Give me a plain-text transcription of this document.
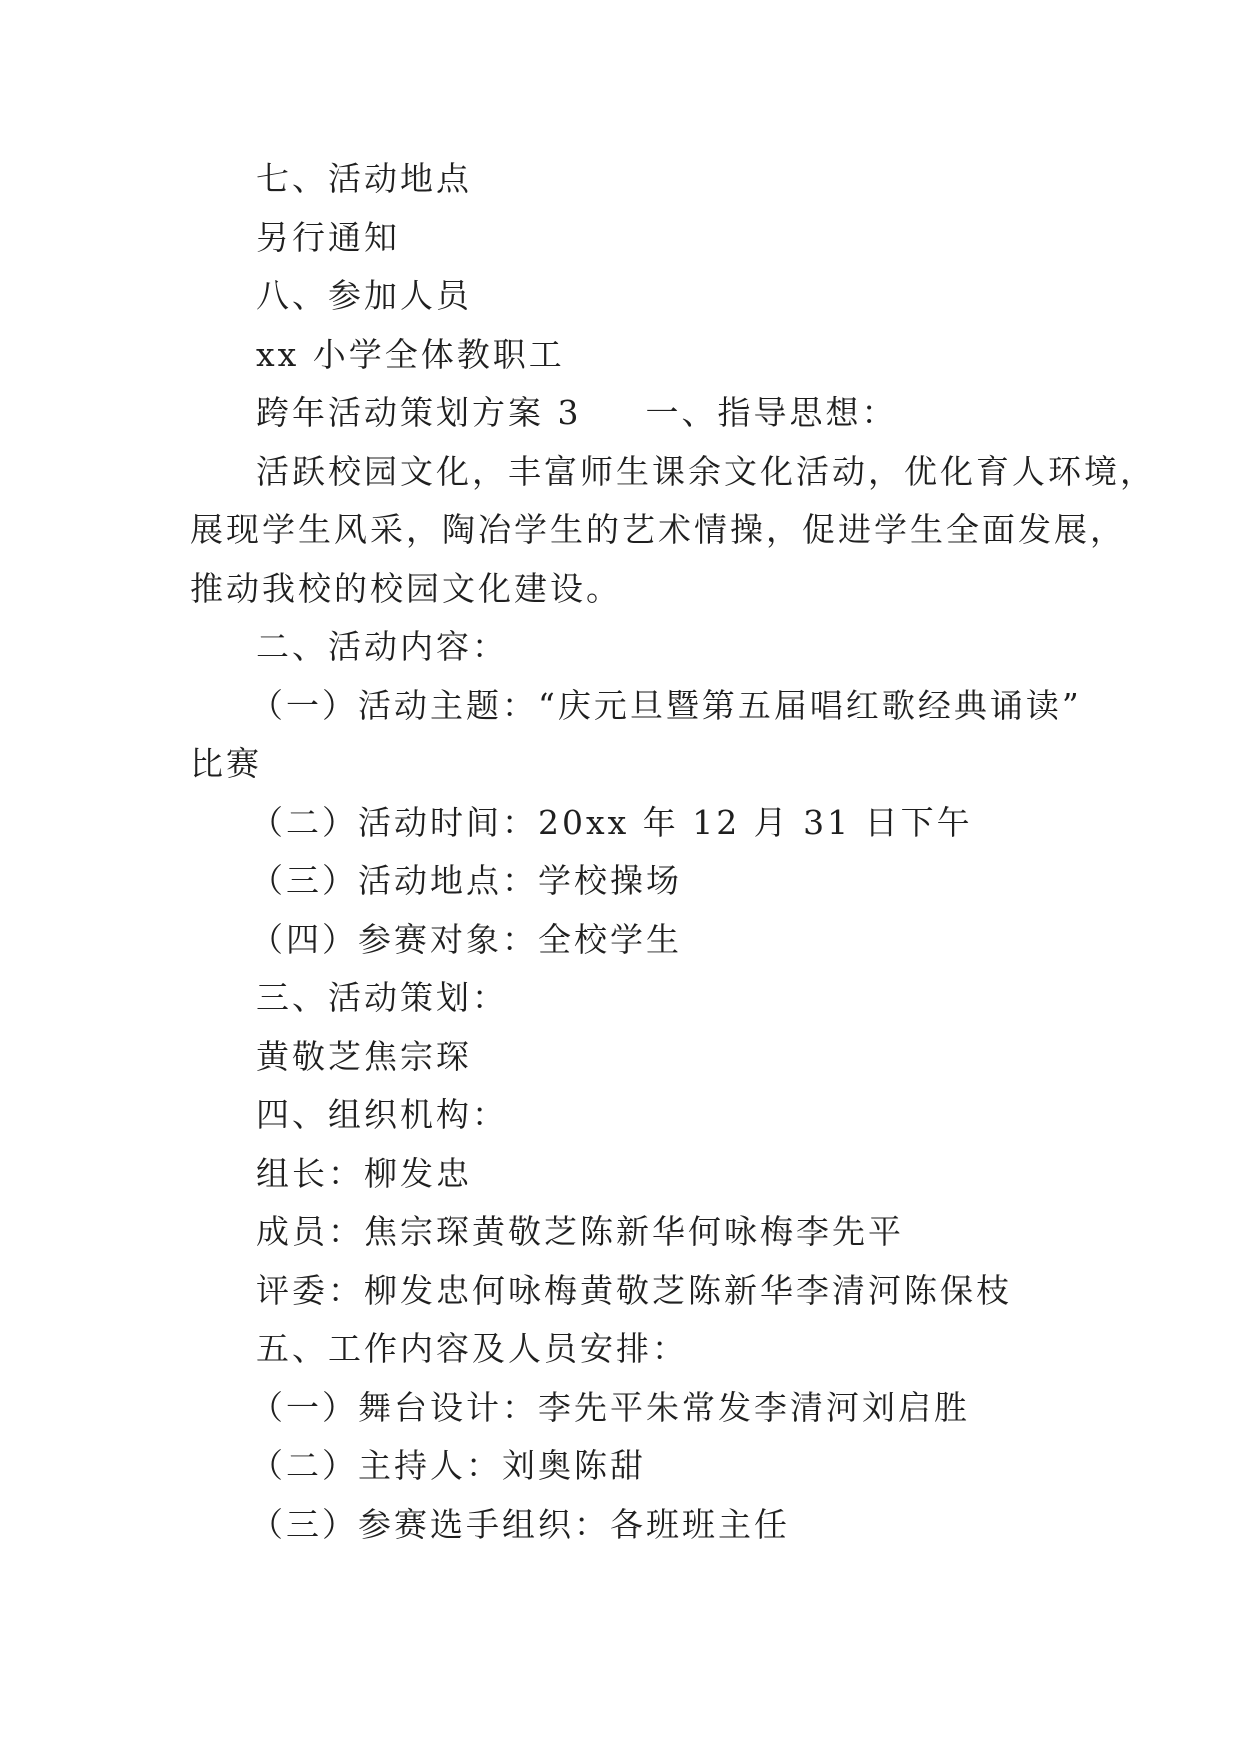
七、活动地点
另行通知
八、参加人员
xx 小学全体教职工
跨年活动策划方案 3 一、指导思想：
活跃校园文化，丰富师生课余文化活动，优化育人环境，
展现学生风采，陶冶学生的艺术情操，促进学生全面发展，
推动我校的校园文化建设。
二、活动内容：
（一）活动主题：“庆元旦暨第五届唱红歌经典诵读”
比赛
（二）活动时间：20xx 年 12 月 31 日下午
（三）活动地点：学校操场
（四）参赛对象：全校学生
三、活动策划：
黄敬芝焦宗琛
四、组织机构：
组长：柳发忠
成员：焦宗琛黄敬芝陈新华何咏梅李先平
评委：柳发忠何咏梅黄敬芝陈新华李清河陈保枝
五、工作内容及人员安排：
（一）舞台设计：李先平朱常发李清河刘启胜
（二）主持人：刘奥陈甜
（三）参赛选手组织：各班班主任
